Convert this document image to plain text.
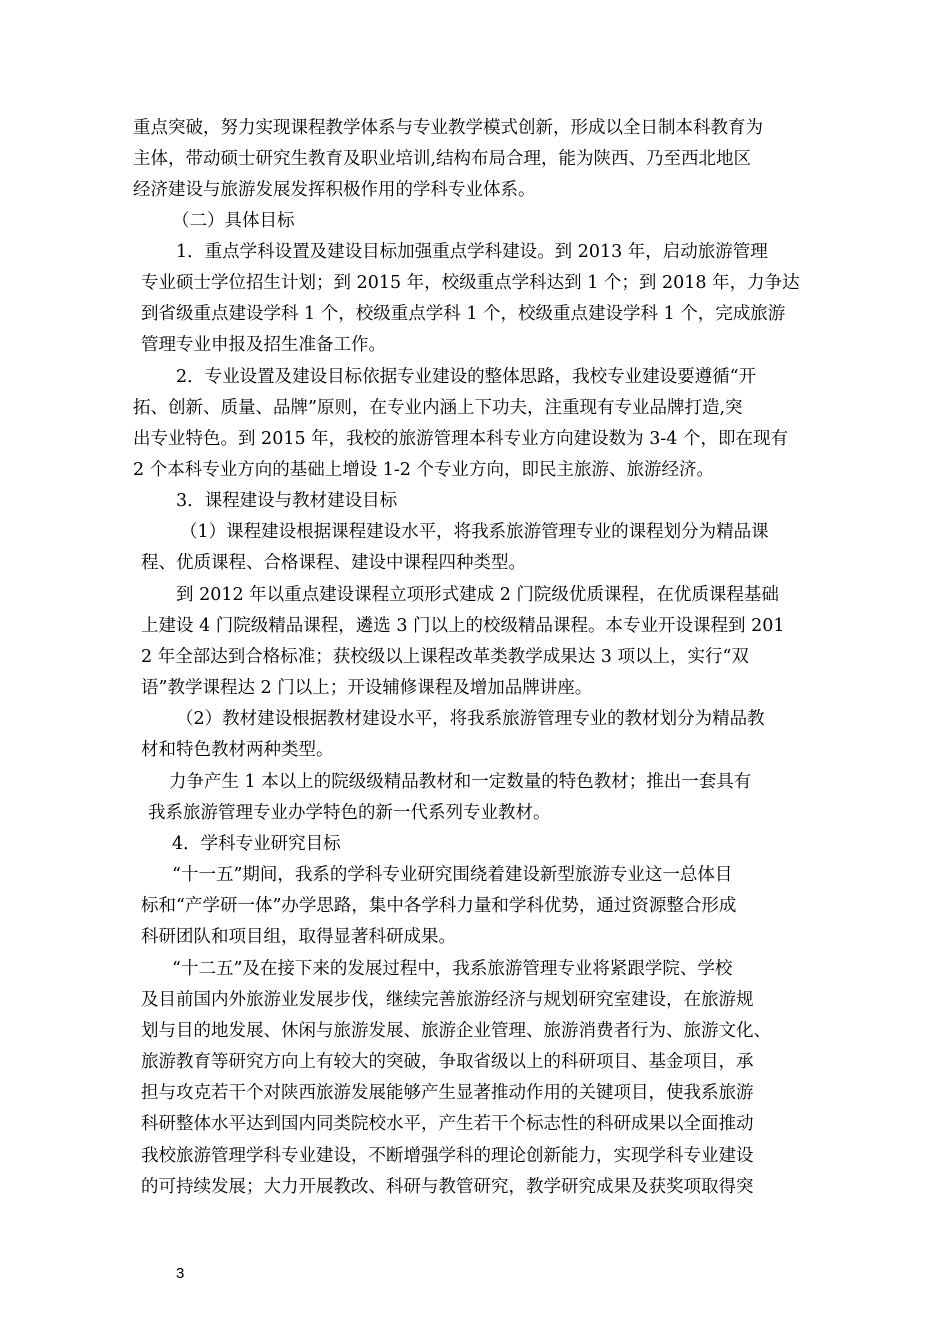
重点突破，努力实现课程教学体系与专业教学模式创新，形成以全日制本科教育为
主体，带动硕士研究生教育及职业培训,结构布局合理，能为陕西、乃至西北地区
经济建设与旅游发展发挥积极作用的学科专业体系。
（二）具体目标
1．重点学科设置及建设目标加强重点学科建设。到 2013 年，启动旅游管理
专业硕士学位招生计划；到 2015 年，校级重点学科达到 1 个；到 2018 年，力争达
到省级重点建设学科 1 个，校级重点学科 1 个，校级重点建设学科 1 个，完成旅游
管理专业申报及招生准备工作。
2．专业设置及建设目标依据专业建设的整体思路，我校专业建设要遵循“开
拓、创新、质量、品牌”原则，在专业内涵上下功夫，注重现有专业品牌打造,突
出专业特色。到 2015 年，我校的旅游管理本科专业方向建设数为 3-4 个，即在现有
2 个本科专业方向的基础上增设 1-2 个专业方向，即民主旅游、旅游经济。
3．课程建设与教材建设目标
（1）课程建设根据课程建设水平，将我系旅游管理专业的课程划分为精品课
程、优质课程、合格课程、建设中课程四种类型。
到 2012 年以重点建设课程立项形式建成 2 门院级优质课程，在优质课程基础
上建设 4 门院级精品课程，遴选 3 门以上的校级精品课程。本专业开设课程到 201
2 年全部达到合格标准；获校级以上课程改革类教学成果达 3 项以上，实行“双
语”教学课程达 2 门以上；开设辅修课程及增加品牌讲座。
（2）教材建设根据教材建设水平，将我系旅游管理专业的教材划分为精品教
材和特色教材两种类型。
力争产生 1 本以上的院级级精品教材和一定数量的特色教材；推出一套具有
我系旅游管理专业办学特色的新一代系列专业教材。
4．学科专业研究目标
“十一五”期间，我系的学科专业研究围绕着建设新型旅游专业这一总体目
标和“产学研一体”办学思路，集中各学科力量和学科优势，通过资源整合形成
科研团队和项目组，取得显著科研成果。
“十二五”及在接下来的发展过程中，我系旅游管理专业将紧跟学院、学校
及目前国内外旅游业发展步伐，继续完善旅游经济与规划研究室建设，在旅游规
划与目的地发展、休闲与旅游发展、旅游企业管理、旅游消费者行为、旅游文化、
旅游教育等研究方向上有较大的突破，争取省级以上的科研项目、基金项目，承
担与攻克若干个对陕西旅游发展能够产生显著推动作用的关键项目，使我系旅游
科研整体水平达到国内同类院校水平，产生若干个标志性的科研成果以全面推动
我校旅游管理学科专业建设，不断增强学科的理论创新能力，实现学科专业建设
的可持续发展；大力开展教改、科研与教管研究，教学研究成果及获奖项取得突
3
